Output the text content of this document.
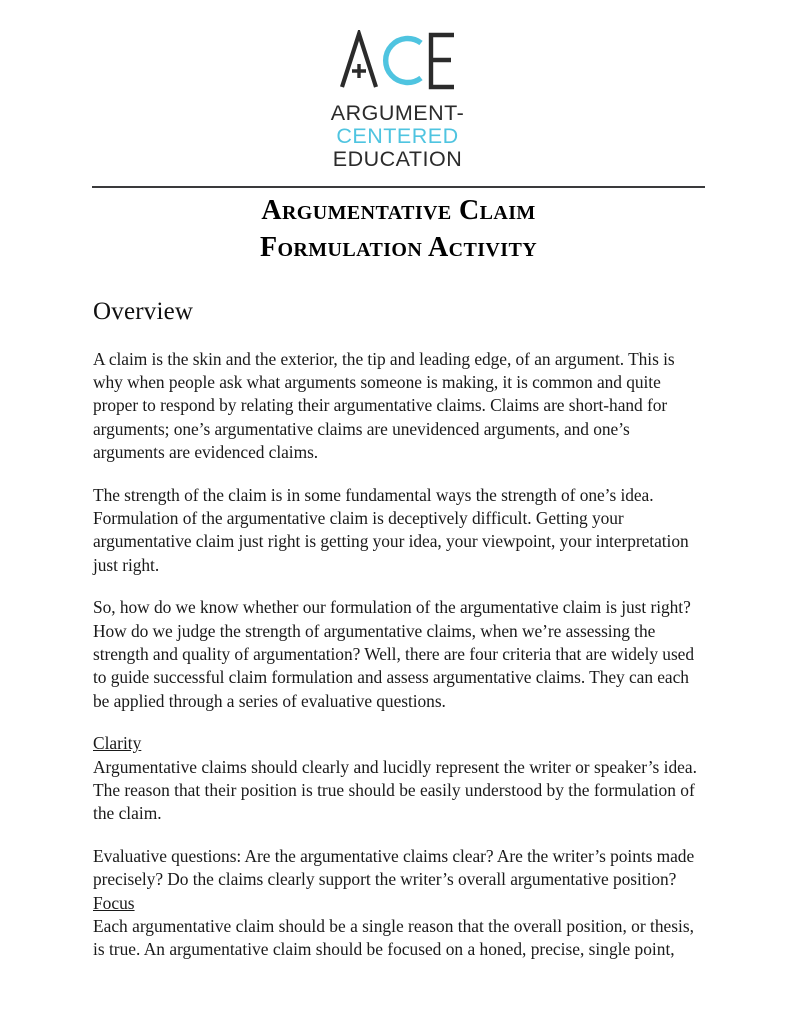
ARGUMENT-
CENTERED
EDUCATION
Argumentative Claim
Formulation Activity
Overview

A claim is the skin and the exterior, the tip and leading edge, of an argument. This is why when people ask what arguments someone is making, it is common and quite proper to respond by relating their argumentative claims. Claims are short-hand for arguments; one’s argumentative claims are unevidenced arguments, and one’s arguments are evidenced claims.

The strength of the claim is in some fundamental ways the strength of one’s idea. Formulation of the argumentative claim is deceptively difficult. Getting your argumentative claim just right is getting your idea, your viewpoint, your interpretation just right.

So, how do we know whether our formulation of the argumentative claim is just right? How do we judge the strength of argumentative claims, when we’re assessing the strength and quality of argumentation? Well, there are four criteria that are widely used to guide successful claim formulation and assess argumentative claims. They can each be applied through a series of evaluative questions.

Clarity

Argumentative claims should clearly and lucidly represent the writer or speaker’s idea. The reason that their position is true should be easily understood by the formulation of the claim.

Evaluative questions: Are the argumentative claims clear? Are the writer’s points made precisely? Do the claims clearly support the writer’s overall argumentative position?

Focus

Each argumentative claim should be a single reason that the overall position, or thesis, is true. An argumentative claim should be focused on a honed, precise, single point,
